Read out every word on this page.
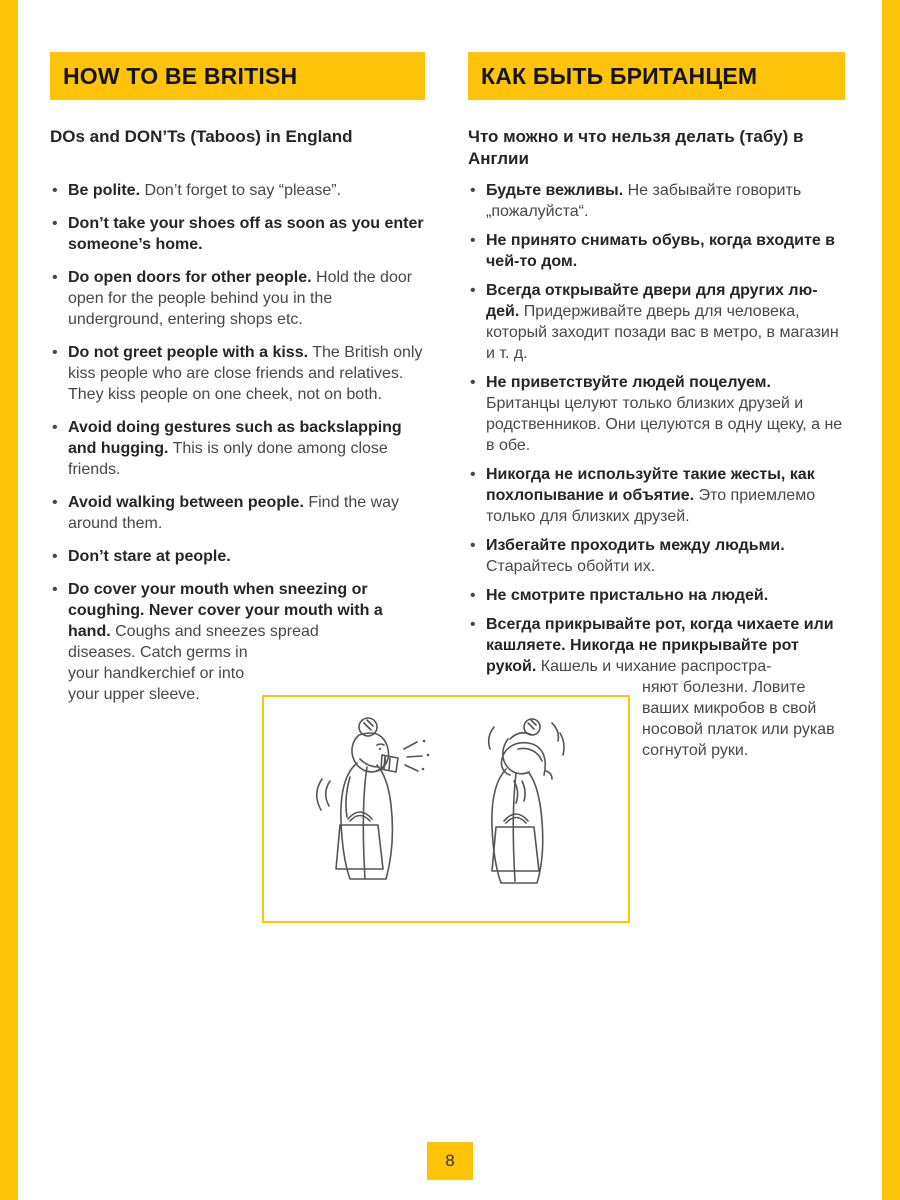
HOW TO BE BRITISH
DOs and DON’Ts (Taboos) in England
• Be polite. Don’t forget to say “please”.
• Don’t take your shoes off as soon as you enter someone’s home.
• Do open doors for other people. Hold the door open for the people behind you in the underground, entering shops etc.
• Do not greet people with a kiss. The British only kiss people who are close friends and relatives. They kiss people on one cheek, not on both.
• Avoid doing gestures such as backslapping and hugging. This is only done among close friends.
• Avoid walking between people. Find the way around them.
• Don’t stare at people.
• Do cover your mouth when sneezing or coughing. Never cover your mouth with a hand. Coughs and sneezes spread
diseases. Catch germs in your handkerchief or into your upper sleeve.
КАК БЫТЬ БРИТАНЦЕМ
Что можно и что нельзя делать (табу) в Англии
• Будьте вежливы. Не забывайте говорить „пожалуйста“.
• Не принято снимать обувь, когда входите в чей-то дом.
• Всегда открывайте двери для других людей. Придерживайте дверь для человека, который заходит позади вас в метро, в магазин и т. д.
• Не приветствуйте людей поцелуем. Британцы целуют только близких друзей и родственников. Они целуются в одну щеку, а не в обе.
• Никогда не используйте такие жесты, как похлопывание и объятие. Это приемлемо только для близких друзей.
• Избегайте проходить между людьми. Старайтесь обойти их.
• Не смотрите пристально на людей.
• Всегда прикрывайте рот, когда чихаете или кашляете. Никогда не прикрывайте рот рукой. Кашель и чихание распростра-
няют болезни. Ловите ваших микробов в свой носовой платок или рукав согнутой руки.
8
